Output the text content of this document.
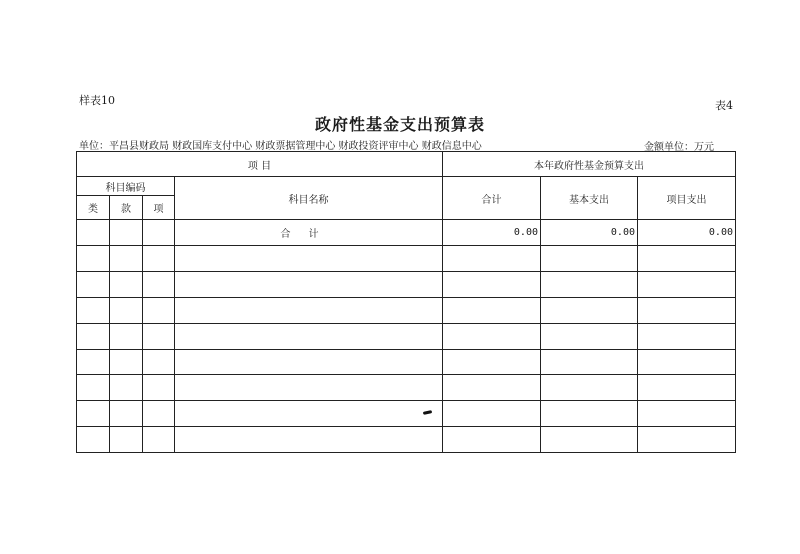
样表10	表4
政府性基金支出预算表
单位：平昌县财政局 财政国库支付中心 财政票据管理中心 财政投资评审中心 财政信息中心	金额单位：万元
项 目				本年政府性基金预算支出		
科目编码			科目名称	合计	基本支出	项目支出
类	款	项				
			合计	0.00	0.00	0.00
